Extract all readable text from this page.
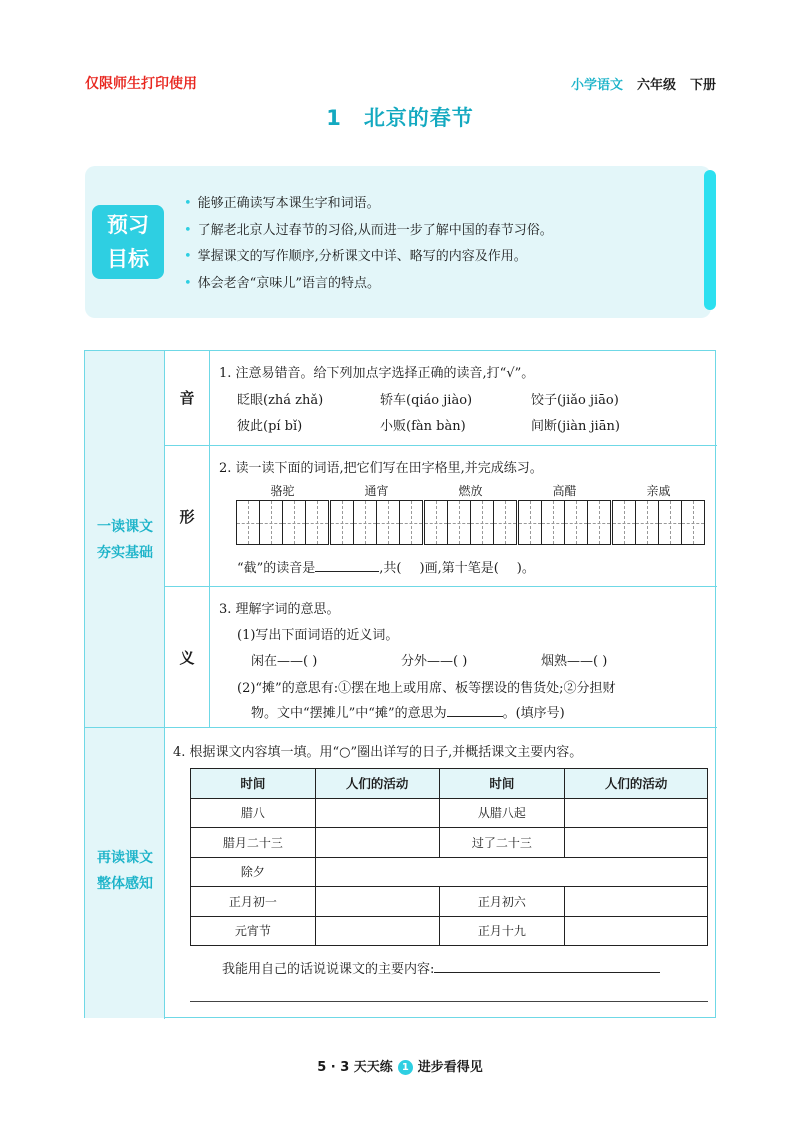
仅限师生打印使用	小学语文 六年级 下册
1 北京的春节
预习
目标
• 能够正确读写本课生字和词语。
• 了解老北京人过春节的习俗,从而进一步了解中国的春节习俗。
• 掌握课文的写作顺序,分析课文中详、略写的内容及作用。
• 体会老舍“京味儿”语言的特点。
一读课文
夯实基础
再读课文
整体感知
音
形
义
1. 注意易错音。给下列加点字选择正确的读音,打“√”。
眨眼(zhá zhǎ)	轿车(qiáo jiào)	饺子(jiǎo jiāo)
彼此(pí bǐ)	小贩(fàn bàn)	间断(jiàn jiān)
2. 读一读下面的词语,把它们写在田字格里,并完成练习。
骆驼	通宵	燃放	高醋	亲戚
“截”的读音是	,共( )画,第十笔是( )。
3. 理解字词的意思。
(1)写出下面词语的近义词。
闲在——( )	分外——( )	烟熟——( )
(2)“摊”的意思有:①摆在地上或用席、板等摆设的售货处;②分担财
物。文中“摆摊儿”中“摊”的意思为	。(填序号)
4. 根据课文内容填一填。用“○”圈出详写的日子,并概括课文主要内容。
时间	人们的活动	时间	人们的活动
腊八		从腊八起	
腊月二十三		过了二十三	
除夕			
正月初一		正月初六	
元宵节		正月十九	
我能用自己的话说说课文的主要内容:
5 · 3 天天练 1 进步看得见
